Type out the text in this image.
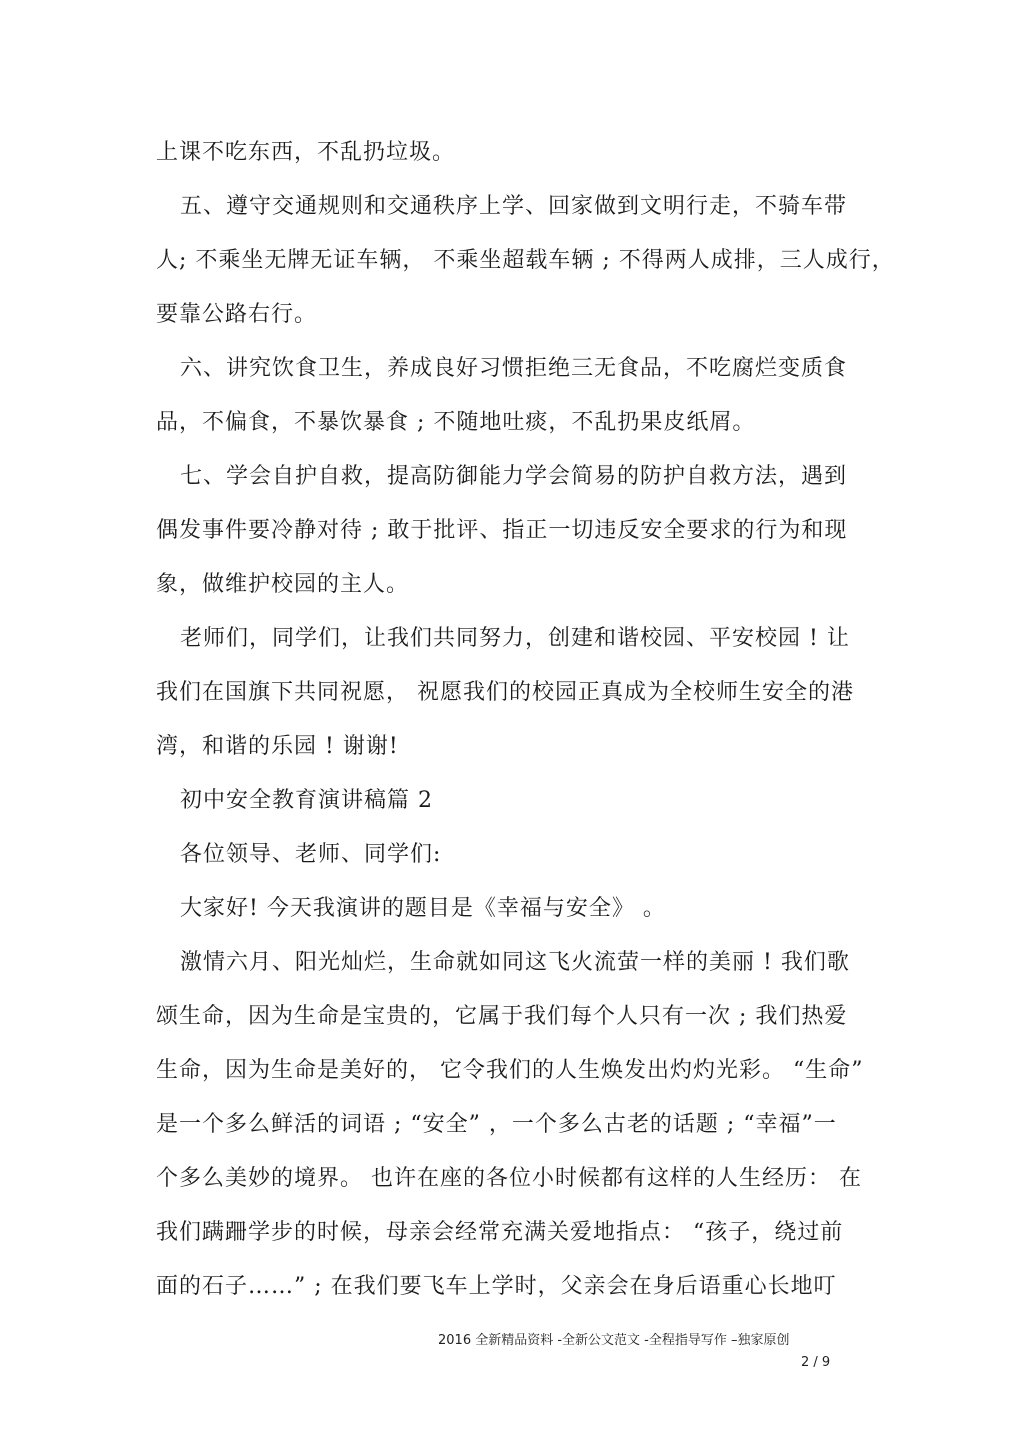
上课不吃东西，不乱扔垃圾。
五、遵守交通规则和交通秩序上学、回家做到文明行走，不骑车带
人; 不乘坐无牌无证车辆， 不乘坐超载车辆 ; 不得两人成排，三人成行，
要靠公路右行。
六、讲究饮食卫生，养成良好习惯拒绝三无食品，不吃腐烂变质食
品，不偏食，不暴饮暴食 ; 不随地吐痰，不乱扔果皮纸屑。
七、学会自护自救，提高防御能力学会简易的防护自救方法，遇到
偶发事件要冷静对待 ; 敢于批评、指正一切违反安全要求的行为和现
象，做维护校园的主人。
老师们，同学们，让我们共同努力，创建和谐校园、平安校园 ! 让
我们在国旗下共同祝愿， 祝愿我们的校园正真成为全校师生安全的港
湾，和谐的乐园 ! 谢谢!
初中安全教育演讲稿篇 2
各位领导、老师、同学们:
大家好! 今天我演讲的题目是《幸福与安全》 。
激情六月、阳光灿烂，生命就如同这飞火流萤一样的美丽 ! 我们歌
颂生命，因为生命是宝贵的，它属于我们每个人只有一次 ; 我们热爱
生命，因为生命是美好的， 它令我们的人生焕发出灼灼光彩。 “生命”
是一个多么鲜活的词语 ; “安全” ，一个多么古老的话题 ; “幸福”一
个多么美妙的境界。 也许在座的各位小时候都有这样的人生经历： 在
我们蹒跚学步的时候，母亲会经常充满关爱地指点： “孩子，绕过前
面的石子……” ; 在我们要飞车上学时，父亲会在身后语重心长地叮
2016 全新精品资料 -全新公文范文 -全程指导写作 –独家原创
2 / 9
